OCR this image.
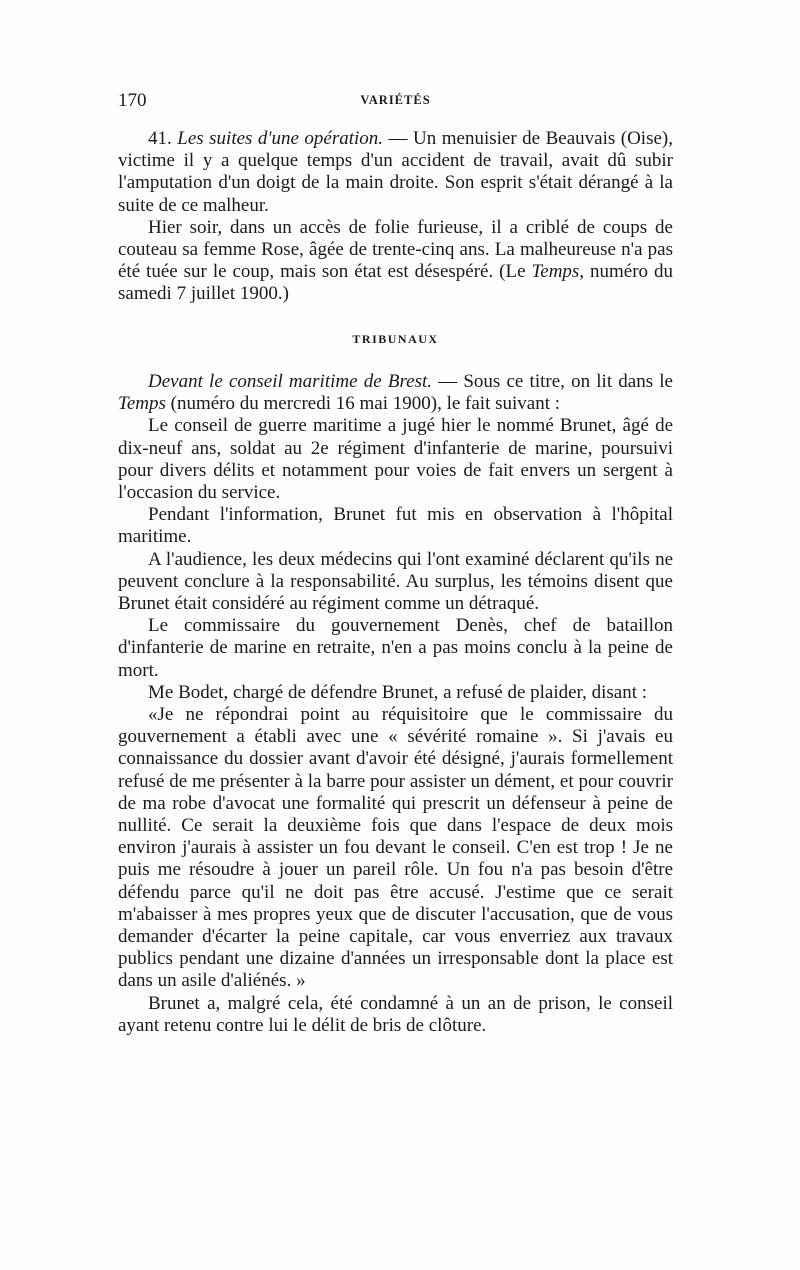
170	VARIÉTÉS

41. Les suites d'une opération. — Un menuisier de Beauvais (Oise), victime il y a quelque temps d'un accident de travail, avait dû subir l'amputation d'un doigt de la main droite. Son esprit s'était dérangé à la suite de ce malheur.

Hier soir, dans un accès de folie furieuse, il a criblé de coups de couteau sa femme Rose, âgée de trente-cinq ans. La malheureuse n'a pas été tuée sur le coup, mais son état est désespéré. (Le Temps, numéro du samedi 7 juillet 1900.)

TRIBUNAUX

Devant le conseil maritime de Brest. — Sous ce titre, on lit dans le Temps (numéro du mercredi 16 mai 1900), le fait suivant :

Le conseil de guerre maritime a jugé hier le nommé Brunet, âgé de dix-neuf ans, soldat au 2e régiment d'infanterie de marine, poursuivi pour divers délits et notamment pour voies de fait envers un sergent à l'occasion du service.

Pendant l'information, Brunet fut mis en observation à l'hôpital maritime.

A l'audience, les deux médecins qui l'ont examiné déclarent qu'ils ne peuvent conclure à la responsabilité. Au surplus, les témoins disent que Brunet était considéré au régiment comme un détraqué.

Le commissaire du gouvernement Denès, chef de bataillon d'infanterie de marine en retraite, n'en a pas moins conclu à la peine de mort.

Me Bodet, chargé de défendre Brunet, a refusé de plaider, disant :

«Je ne répondrai point au réquisitoire que le commissaire du gouvernement a établi avec une « sévérité romaine ». Si j'avais eu connaissance du dossier avant d'avoir été désigné, j'aurais formellement refusé de me présenter à la barre pour assister un dément, et pour couvrir de ma robe d'avocat une formalité qui prescrit un défenseur à peine de nullité. Ce serait la deuxième fois que dans l'espace de deux mois environ j'aurais à assister un fou devant le conseil. C'en est trop ! Je ne puis me résoudre à jouer un pareil rôle. Un fou n'a pas besoin d'être défendu parce qu'il ne doit pas être accusé. J'estime que ce serait m'abaisser à mes propres yeux que de discuter l'accusation, que de vous demander d'écarter la peine capitale, car vous enverriez aux travaux publics pendant une dizaine d'années un irresponsable dont la place est dans un asile d'aliénés. »

Brunet a, malgré cela, été condamné à un an de prison, le conseil ayant retenu contre lui le délit de bris de clôture.
